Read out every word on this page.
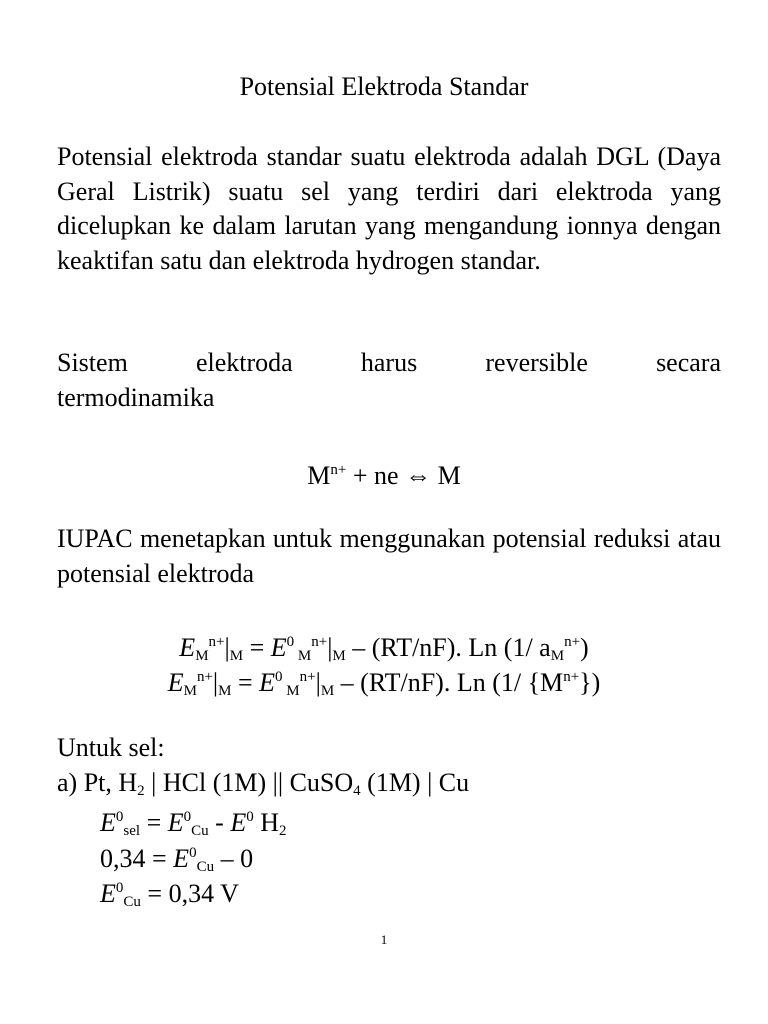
Potensial Elektroda Standar
Potensial elektroda standar suatu elektroda adalah DGL (Daya Geral Listrik) suatu sel yang terdiri dari elektroda yang dicelupkan ke dalam larutan yang mengandung ionnya dengan keaktifan satu dan elektroda hydrogen standar.
Sistem	elektroda	harus	reversible	secara
termodinamika
$M^{n+}$ + ne ⇔ M
IUPAC menetapkan untuk menggunakan potensial reduksi atau potensial elektroda
$E_M^{n+}|_M = E^0$ $_M^{n+}|_M - (RT/nF)$. Ln (1/ $a_M^{n+}$)
$E_M^{n+}|_M = E^0$ $_M^{n+}|_M - (RT/nF)$. Ln (1/ $\{M^{n+}\}$)
Untuk sel:
a) Pt, $H_2$ | HCl (1M) || CuSO$_4$ (1M) | Cu
$E^0_{sel} = E^0_{Cu} - E^0$ $H_2$
$0,34 = E^0_{Cu} - 0$
$E^0_{Cu} = 0,34$ V
1
